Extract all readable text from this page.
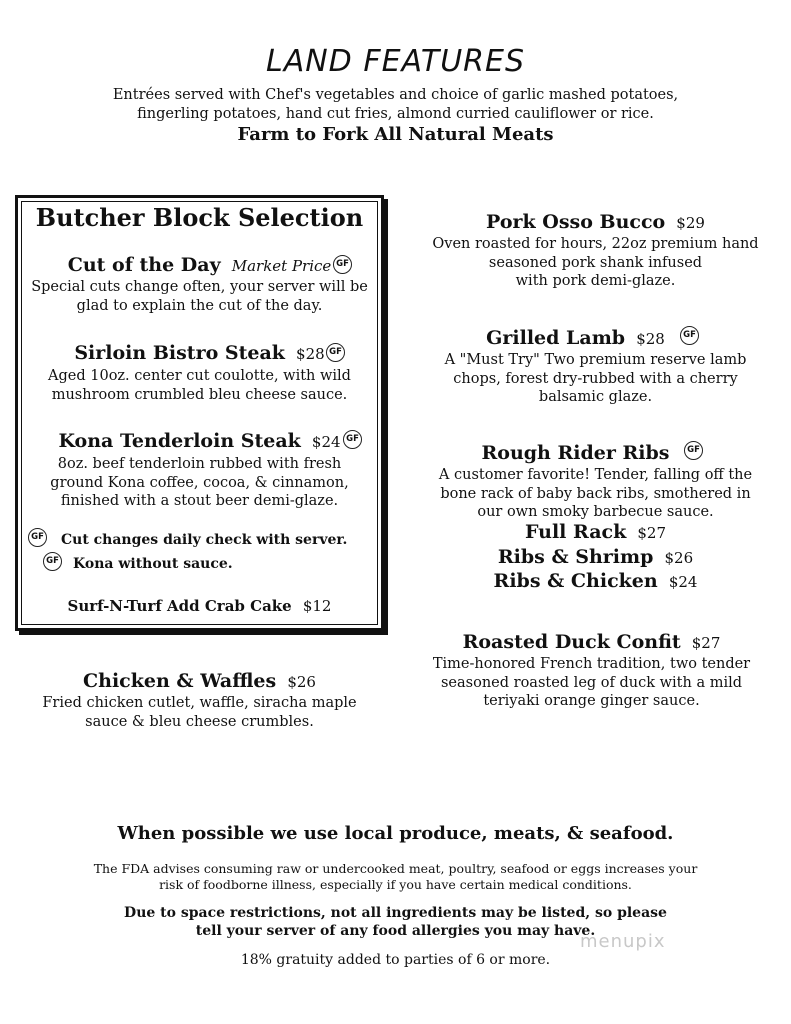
LAND FEATURES
Entrées served with Chef's vegetables and choice of garlic mashed potatoes,
fingerling potatoes, hand cut fries, almond curried cauliflower or rice.
Farm to Fork All Natural Meats
Butcher Block Selection
Cut of the Day Market Price GF
Special cuts change often, your server will be
glad to explain the cut of the day.
Sirloin Bistro Steak $28 GF
Aged 10oz. center cut coulotte, with wild
mushroom crumbled bleu cheese sauce.
Kona Tenderloin Steak $24 GF
8oz. beef tenderloin rubbed with fresh
ground Kona coffee, cocoa, & cinnamon,
finished with a stout beer demi-glaze.
GF Cut changes daily check with server.
GF Kona without sauce.
Surf-N-Turf Add Crab Cake $12
Chicken & Waffles $26
Fried chicken cutlet, waffle, siracha maple
sauce & bleu cheese crumbles.
Pork Osso Bucco $29
Oven roasted for hours, 22oz premium hand
seasoned pork shank infused
with pork demi-glaze.
Grilled Lamb $28	GF
A "Must Try" Two premium reserve lamb
chops, forest dry-rubbed with a cherry
balsamic glaze.
Rough Rider Ribs	GF
A customer favorite! Tender, falling off the
bone rack of baby back ribs, smothered in
our own smoky barbecue sauce.
Full Rack $27
Ribs & Shrimp $26
Ribs & Chicken $24
Roasted Duck Confit $27
Time-honored French tradition, two tender
seasoned roasted leg of duck with a mild
teriyaki orange ginger sauce.
When possible we use local produce, meats, & seafood.
The FDA advises consuming raw or undercooked meat, poultry, seafood or eggs increases your
risk of foodborne illness, especially if you have certain medical conditions.
Due to space restrictions, not all ingredients may be listed, so please
tell your server of any food allergies you may have.
18% gratuity added to parties of 6 or more.
menupix
